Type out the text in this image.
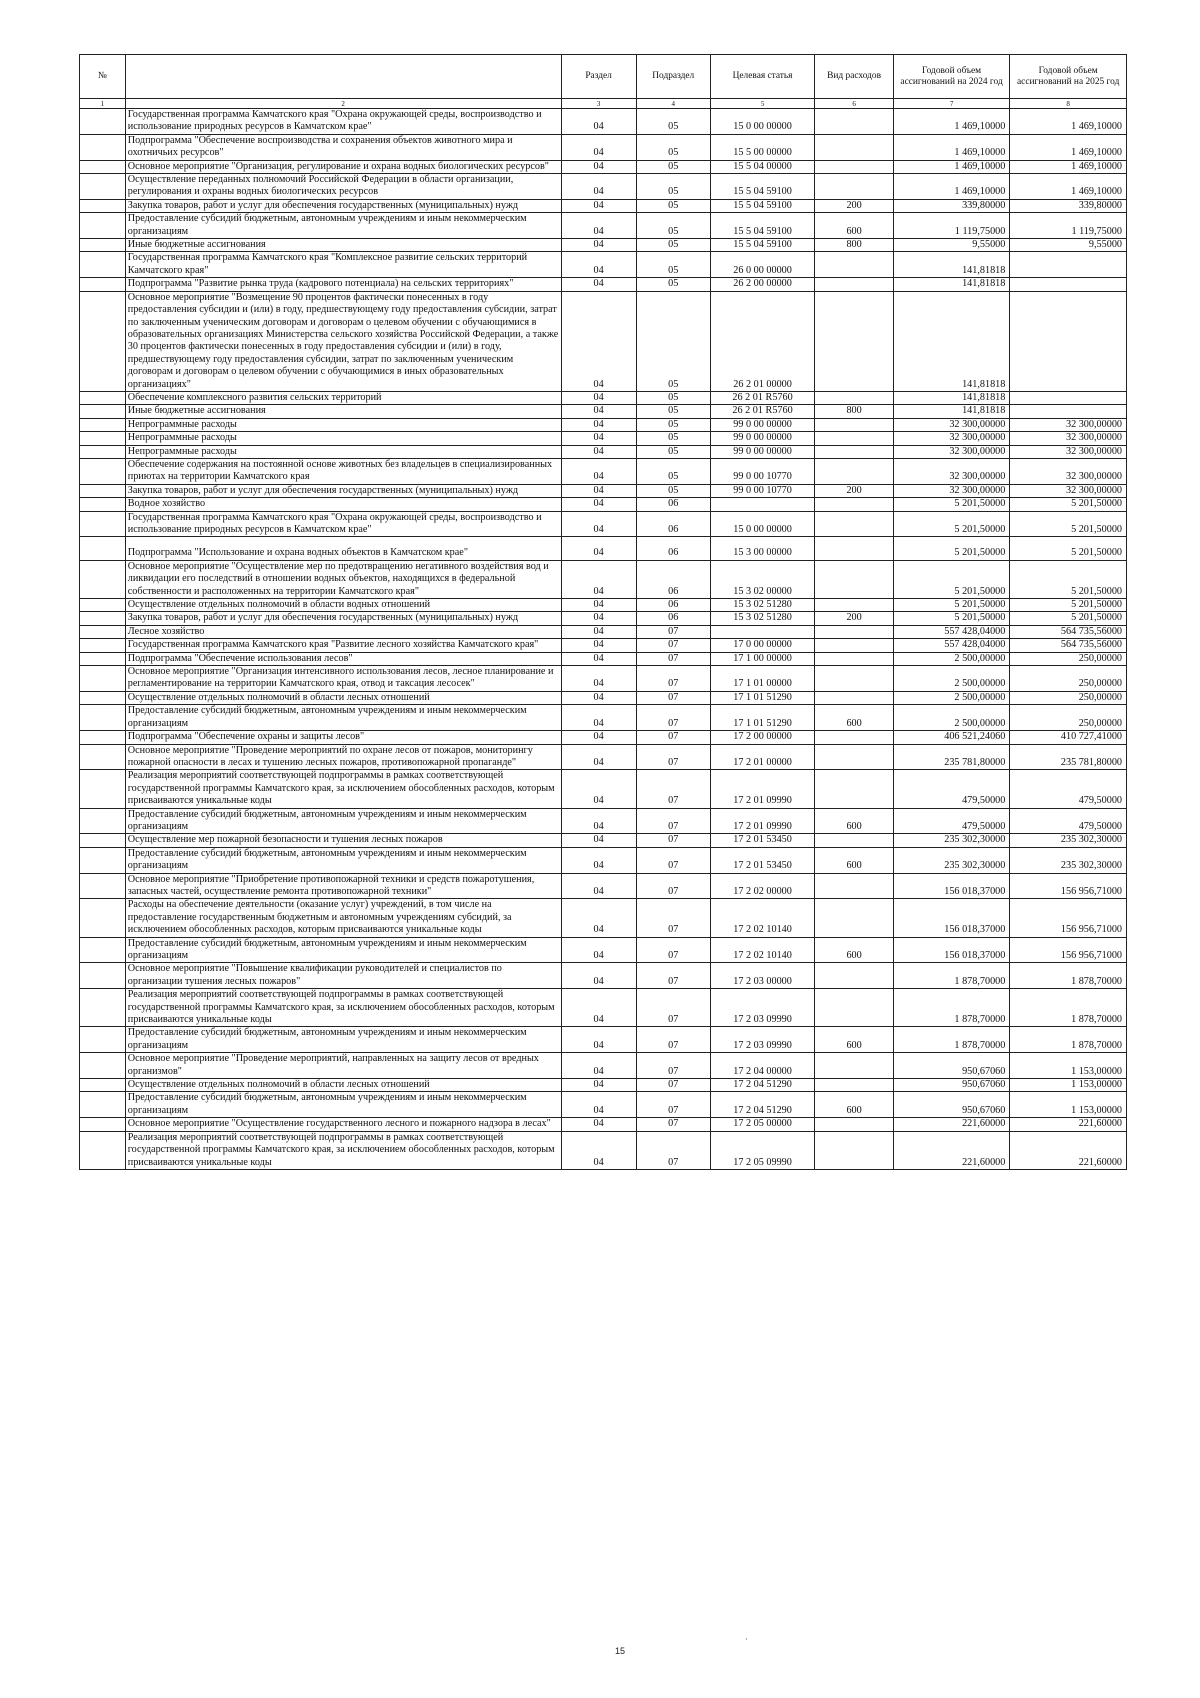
№		Раздел	Подраздел	Целевая статья	Вид расходов	Годовой объем ассигнований на 2024 год	Годовой объем ассигнований на 2025 год
1	2	3	4	5	6	7	8
	Государственная программа Камчатского края "Охрана окружающей среды, воспроизводство и использование природных ресурсов в Камчатском крае"	04	05	15 0 00 00000		1 469,10000	1 469,10000
	Подпрограмма "Обеспечение воспроизводства и сохранения объектов животного мира и охотничьих ресурсов"	04	05	15 5 00 00000		1 469,10000	1 469,10000
	Основное мероприятие "Организация, регулирование и охрана водных биологических ресурсов"	04	05	15 5 04 00000		1 469,10000	1 469,10000
	Осуществление переданных полномочий Российской Федерации в области организации, регулирования и охраны водных биологических ресурсов	04	05	15 5 04 59100		1 469,10000	1 469,10000
	Закупка товаров, работ и услуг для обеспечения государственных (муниципальных) нужд	04	05	15 5 04 59100	200	339,80000	339,80000
	Предоставление субсидий бюджетным, автономным учреждениям и иным некоммерческим организациям	04	05	15 5 04 59100	600	1 119,75000	1 119,75000
	Иные бюджетные ассигнования	04	05	15 5 04 59100	800	9,55000	9,55000
	Государственная программа Камчатского края "Комплексное развитие сельских территорий Камчатского края"	04	05	26 0 00 00000		141,81818	
	Подпрограмма "Развитие рынка труда (кадрового потенциала) на сельских территориях"	04	05	26 2 00 00000		141,81818	
	Основное мероприятие "Возмещение 90 процентов фактически понесенных в году предоставления субсидии и (или) в году, предшествующему году предоставления субсидии, затрат по заключенным ученическим договорам и договорам о целевом обучении с обучающимися в образовательных организациях Министерства сельского хозяйства Российской Федерации, а также 30 процентов фактически понесенных в году предоставления субсидии и (или) в году, предшествующему году предоставления субсидии, затрат по заключенным ученическим договорам и договорам о целевом обучении с обучающимися в иных образовательных организациях"	04	05	26 2 01 00000		141,81818	
	Обеспечение комплексного развития сельских территорий	04	05	26 2 01 R5760		141,81818	
	Иные бюджетные ассигнования	04	05	26 2 01 R5760	800	141,81818	
	Непрограммные расходы	04	05	99 0 00 00000		32 300,00000	32 300,00000
	Непрограммные расходы	04	05	99 0 00 00000		32 300,00000	32 300,00000
	Непрограммные расходы	04	05	99 0 00 00000		32 300,00000	32 300,00000
	Обеспечение содержания на постоянной основе животных без владельцев в специализированных приютах на территории Камчатского края	04	05	99 0 00 10770		32 300,00000	32 300,00000
	Закупка товаров, работ и услуг для обеспечения государственных (муниципальных) нужд	04	05	99 0 00 10770	200	32 300,00000	32 300,00000
	Водное хозяйство	04	06			5 201,50000	5 201,50000
	Государственная программа Камчатского края "Охрана окружающей среды, воспроизводство и использование природных ресурсов в Камчатском крае"	04	06	15 0 00 00000		5 201,50000	5 201,50000
	Подпрограмма "Использование и охрана водных объектов в Камчатском крае"	04	06	15 3 00 00000		5 201,50000	5 201,50000
	Основное мероприятие "Осуществление мер по предотвращению негативного воздействия вод и ликвидации его последствий в отношении водных объектов, находящихся в федеральной собственности и расположенных на территории Камчатского края"	04	06	15 3 02 00000		5 201,50000	5 201,50000
	Осуществление отдельных полномочий в области водных отношений	04	06	15 3 02 51280		5 201,50000	5 201,50000
	Закупка товаров, работ и услуг для обеспечения государственных (муниципальных) нужд	04	06	15 3 02 51280	200	5 201,50000	5 201,50000
	Лесное хозяйство	04	07			557 428,04000	564 735,56000
	Государственная программа Камчатского края "Развитие лесного хозяйства Камчатского края"	04	07	17 0 00 00000		557 428,04000	564 735,56000
	Подпрограмма "Обеспечение использования лесов"	04	07	17 1 00 00000		2 500,00000	250,00000
	Основное мероприятие "Организация интенсивного использования лесов, лесное планирование и регламентирование на территории Камчатского края, отвод и таксация лесосек"	04	07	17 1 01 00000		2 500,00000	250,00000
	Осуществление отдельных полномочий в области лесных отношений	04	07	17 1 01 51290		2 500,00000	250,00000
	Предоставление субсидий бюджетным, автономным учреждениям и иным некоммерческим организациям	04	07	17 1 01 51290	600	2 500,00000	250,00000
	Подпрограмма "Обеспечение охраны и защиты лесов"	04	07	17 2 00 00000		406 521,24060	410 727,41000
	Основное мероприятие "Проведение мероприятий по охране лесов от пожаров, мониторингу пожарной опасности в лесах и тушению лесных пожаров, противопожарной пропаганде"	04	07	17 2 01 00000		235 781,80000	235 781,80000
	Реализация мероприятий соответствующей подпрограммы в рамках соответствующей государственной программы Камчатского края, за исключением обособленных расходов, которым присваиваются уникальные коды	04	07	17 2 01 09990		479,50000	479,50000
	Предоставление субсидий бюджетным, автономным учреждениям и иным некоммерческим организациям	04	07	17 2 01 09990	600	479,50000	479,50000
	Осуществление мер пожарной безопасности и тушения лесных пожаров	04	07	17 2 01 53450		235 302,30000	235 302,30000
	Предоставление субсидий бюджетным, автономным учреждениям и иным некоммерческим организациям	04	07	17 2 01 53450	600	235 302,30000	235 302,30000
	Основное мероприятие "Приобретение противопожарной техники и средств пожаротушения, запасных частей, осуществление ремонта противопожарной техники"	04	07	17 2 02 00000		156 018,37000	156 956,71000
	Расходы на обеспечение деятельности (оказание услуг) учреждений, в том числе на предоставление государственным бюджетным и автономным учреждениям субсидий, за исключением обособленных расходов, которым присваиваются уникальные коды	04	07	17 2 02 10140		156 018,37000	156 956,71000
	Предоставление субсидий бюджетным, автономным учреждениям и иным некоммерческим организациям	04	07	17 2 02 10140	600	156 018,37000	156 956,71000
	Основное мероприятие "Повышение квалификации руководителей и специалистов по организации тушения лесных пожаров"	04	07	17 2 03 00000		1 878,70000	1 878,70000
	Реализация мероприятий соответствующей подпрограммы в рамках соответствующей государственной программы Камчатского края, за исключением обособленных расходов, которым присваиваются уникальные коды	04	07	17 2 03 09990		1 878,70000	1 878,70000
	Предоставление субсидий бюджетным, автономным учреждениям и иным некоммерческим организациям	04	07	17 2 03 09990	600	1 878,70000	1 878,70000
	Основное мероприятие "Проведение мероприятий, направленных на защиту лесов от вредных организмов"	04	07	17 2 04 00000		950,67060	1 153,00000
	Осуществление отдельных полномочий в области лесных отношений	04	07	17 2 04 51290		950,67060	1 153,00000
	Предоставление субсидий бюджетным, автономным учреждениям и иным некоммерческим организациям	04	07	17 2 04 51290	600	950,67060	1 153,00000
	Основное мероприятие "Осуществление государственного лесного и пожарного надзора в лесах"	04	07	17 2 05 00000		221,60000	221,60000
	Реализация мероприятий соответствующей подпрограммы в рамках соответствующей государственной программы Камчатского края, за исключением обособленных расходов, которым присваиваются уникальные коды	04	07	17 2 05 09990		221,60000	221,60000
15
·
